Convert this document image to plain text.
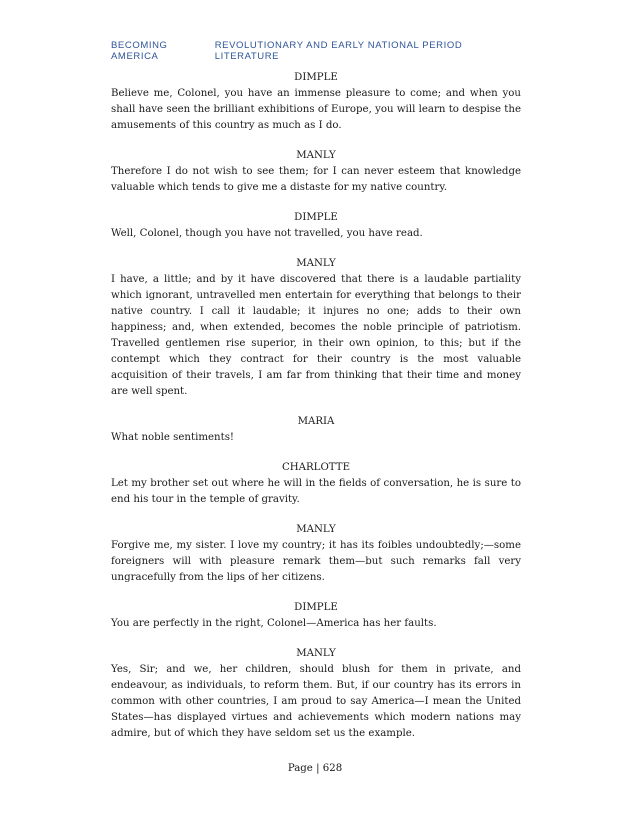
BECOMING AMERICA
REVOLUTIONARY AND EARLY NATIONAL PERIOD LITERATURE

DIMPLE

Believe me, Colonel, you have an immense pleasure to come; and when you shall have seen the brilliant exhibitions of Europe, you will learn to despise the amusements of this country as much as I do.

MANLY

Therefore I do not wish to see them; for I can never esteem that knowledge valuable which tends to give me a distaste for my native country.

DIMPLE

Well, Colonel, though you have not travelled, you have read.

MANLY

I have, a little; and by it have discovered that there is a laudable partiality which ignorant, untravelled men entertain for everything that belongs to their native country. I call it laudable; it injures no one; adds to their own happiness; and, when extended, becomes the noble principle of patriotism. Travelled gentlemen rise superior, in their own opinion, to this; but if the contempt which they contract for their country is the most valuable acquisition of their travels, I am far from thinking that their time and money are well spent.

MARIA

What noble sentiments!

CHARLOTTE

Let my brother set out where he will in the fields of conversation, he is sure to end his tour in the temple of gravity.

MANLY

Forgive me, my sister. I love my country; it has its foibles undoubtedly;—some foreigners will with pleasure remark them—but such remarks fall very ungracefully from the lips of her citizens.

DIMPLE

You are perfectly in the right, Colonel—America has her faults.

MANLY

Yes, Sir; and we, her children, should blush for them in private, and endeavour, as individuals, to reform them. But, if our country has its errors in common with other countries, I am proud to say America—I mean the United States—has displayed virtues and achievements which modern nations may admire, but of which they have seldom set us the example.

Page | 628
